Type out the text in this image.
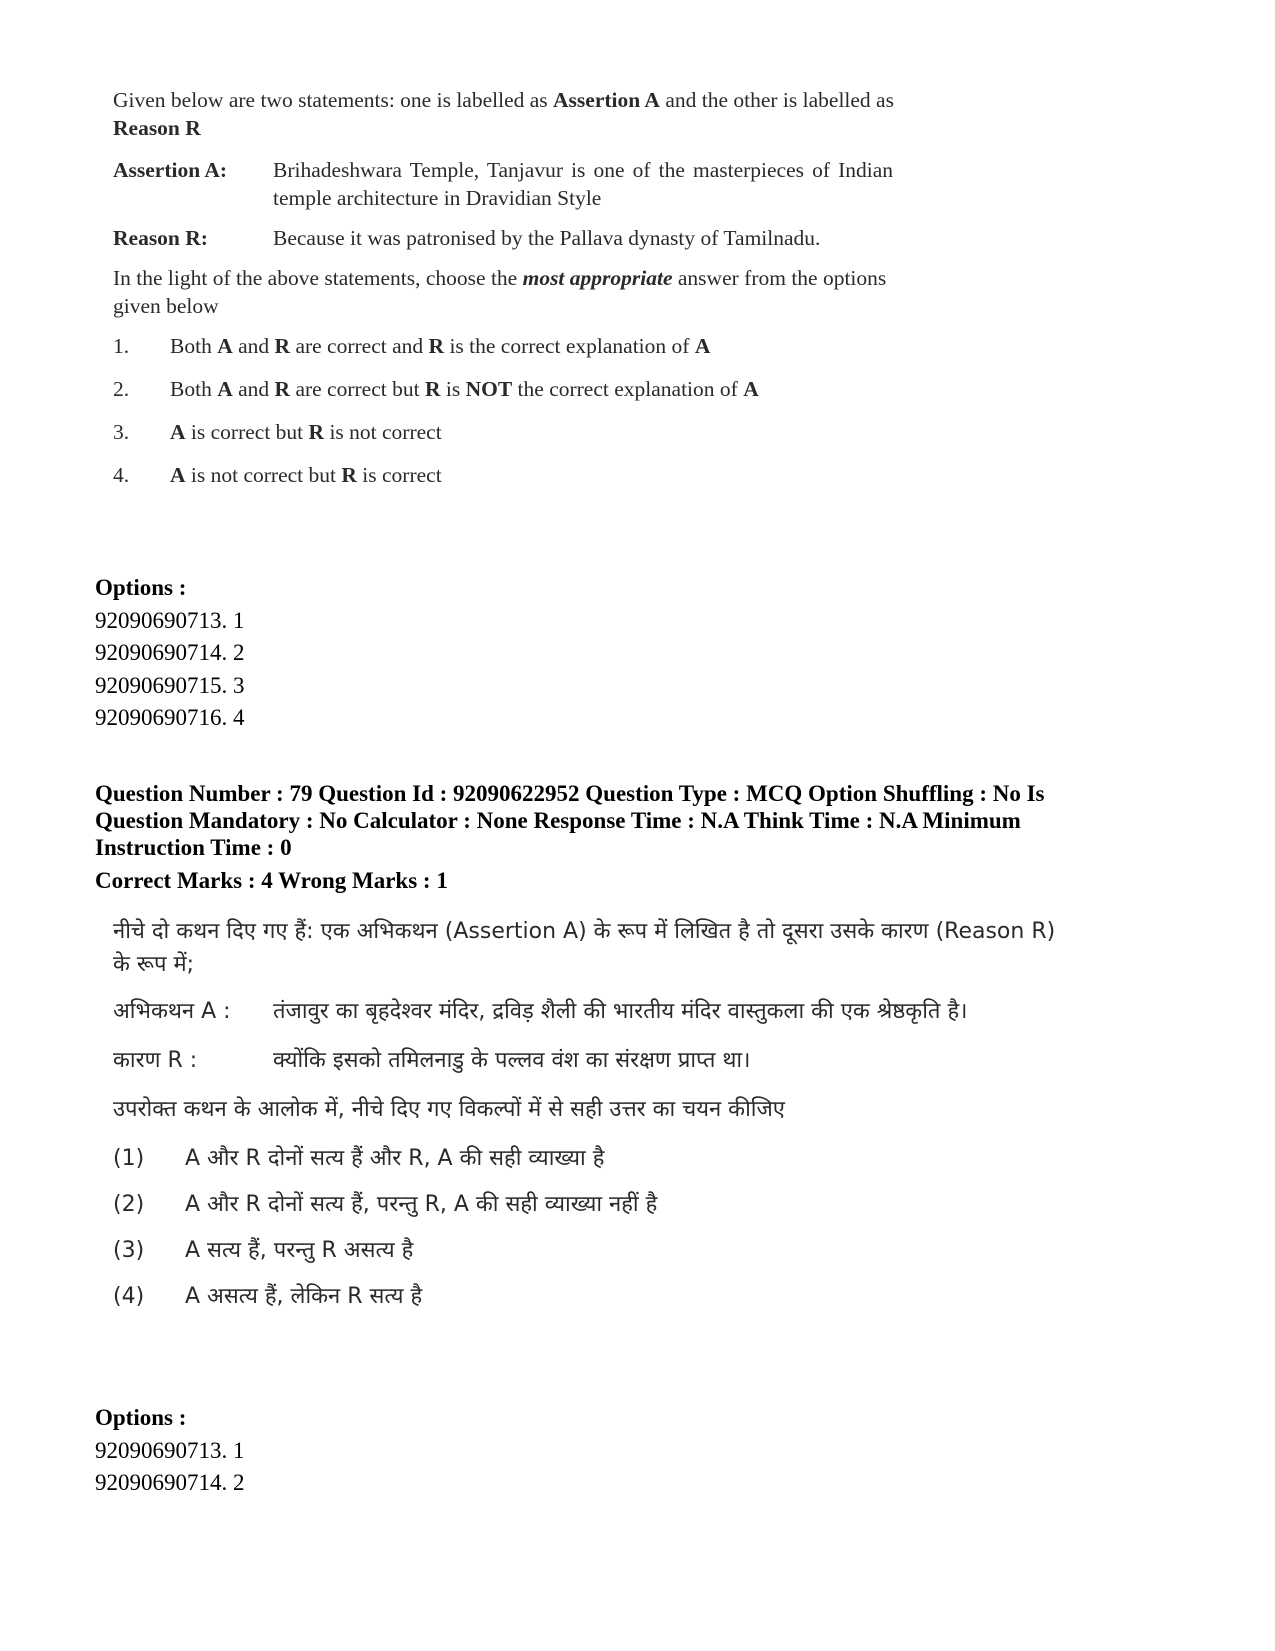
Given below are two statements: one is labelled as Assertion A and the other is labelled as Reason R

Assertion A:	Brihadeshwara Temple, Tanjavur is one of the masterpieces of Indian temple architecture in Dravidian Style
Reason R:	Because it was patronised by the Pallava dynasty of Tamilnadu.

In the light of the above statements, choose the most appropriate answer from the options given below

1.	Both A and R are correct and R is the correct explanation of A
2.	Both A and R are correct but R is NOT the correct explanation of A
3.	A is correct but R is not correct
4.	A is not correct but R is correct

Options :

92090690713. 1

92090690714. 2

92090690715. 3

92090690716. 4

Question Number : 79 Question Id : 92090622952 Question Type : MCQ Option Shuffling : No Is

Question Mandatory : No Calculator : None Response Time : N.A Think Time : N.A Minimum

Instruction Time : 0

Correct Marks : 4 Wrong Marks : 1

नीचे दो कथन दिए गए हैं: एक अभिकथन (Assertion A) के रूप में लिखित है तो दूसरा उसके कारण (Reason R) के रूप में;

अभिकथन A :	तंजावुर का बृहदेश्वर मंदिर, द्रविड़ शैली की भारतीय मंदिर वास्तुकला की एक श्रेष्ठकृति है।
कारण R :	क्योंकि इसको तमिलनाडु के पल्लव वंश का संरक्षण प्राप्त था।

उपरोक्त कथन के आलोक में, नीचे दिए गए विकल्पों में से सही उत्तर का चयन कीजिए

(1)	A और R दोनों सत्य हैं और R, A की सही व्याख्या है
(2)	A और R दोनों सत्य हैं, परन्तु R, A की सही व्याख्या नहीं है
(3)	A सत्य हैं, परन्तु R असत्य है
(4)	A असत्य हैं, लेकिन R सत्य है

Options :

92090690713. 1

92090690714. 2
